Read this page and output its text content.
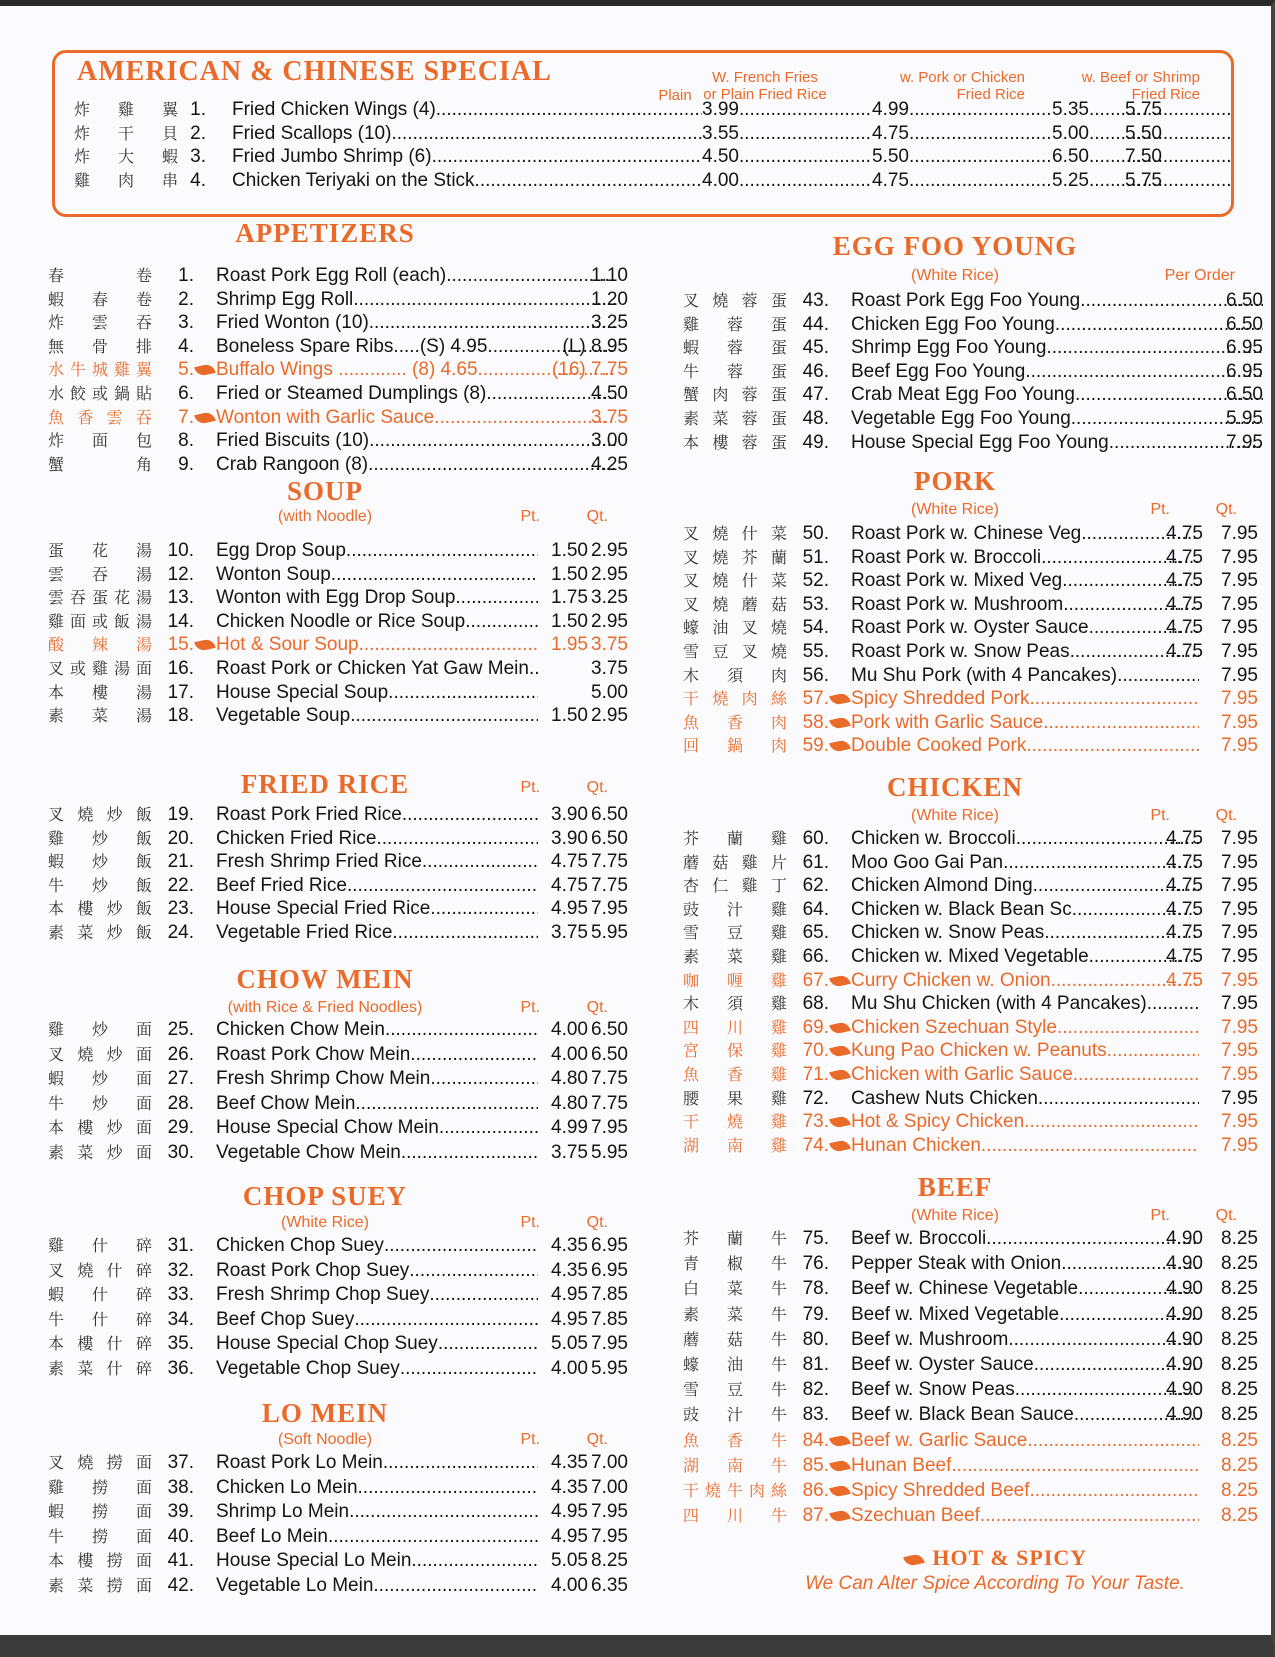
AMERICAN & CHINESE SPECIAL
Plain
W. French Fries
or Plain Fried Rice
w. Pork or Chicken
Fried Rice
w. Beef or Shrimp
Fried Rice
炸雞翼 1. Fried Chicken Wings (4) .....	3.99 .....	4.99 .....	5.35 .....	5.75
炸干貝 2. Fried Scallops (10) .....	3.55 .....	4.75 .....	5.00 .....	5.50
炸大蝦 3. Fried Jumbo Shrimp (6) .....	4.50 .....	5.50 .....	6.50 .....	7.50
雞肉串 4. Chicken Teriyaki on the Stick .....	4.00 .....	4.75 .....	5.25 .....	5.75
春卷	1. Roast Pork Egg Roll (each) .....	1.10
蝦春卷	2. Shrimp Egg Roll .....	1.20
炸雲吞	3. Fried Wonton (10) .....	3.25
無骨排	4. Boneless Spare Ribs.....(S) 4.95 .....	(L) 8.95
水牛城雞翼	5. Buffalo Wings ............. (8) 4.65 .....	(16) 7.75
水餃或鍋貼	6. Fried or Steamed Dumplings (8) .....	4.50
魚香雲吞	7. Wonton with Garlic Sauce .....	3.75
炸面包	8. Fried Biscuits (10) .....	3.00
蟹角	9. Crab Rangoon (8) .....	4.25
蛋花湯 10. Egg Drop Soup .....	1.50 2.95
雲吞湯 12. Wonton Soup .....	1.50 2.95
雲吞蛋花湯 13. Wonton with Egg Drop Soup .....	1.75 3.25
雞面或飯湯 14. Chicken Noodle or Rice Soup .....	1.50 2.95
酸辣湯 15. Hot & Sour Soup .....	1.95 3.75
叉或雞湯面 16. Roast Pork or Chicken Yat Gaw Mein .....	3.75
本樓湯 17. House Special Soup .....	5.00
素菜湯 18. Vegetable Soup .....	1.50 2.95
叉燒炒飯 19. Roast Pork Fried Rice .....	3.90 6.50
雞炒飯 20. Chicken Fried Rice .....	3.90 6.50
蝦炒飯 21. Fresh Shrimp Fried Rice .....	4.75 7.75
牛炒飯 22. Beef Fried Rice .....	4.75 7.75
本樓炒飯 23. House Special Fried Rice .....	4.95 7.95
素菜炒飯 24. Vegetable Fried Rice .....	3.75 5.95
雞炒面 25. Chicken Chow Mein .....	4.00 6.50
叉燒炒面 26. Roast Pork Chow Mein .....	4.00 6.50
蝦炒面 27. Fresh Shrimp Chow Mein .....	4.80 7.75
牛炒面 28. Beef Chow Mein .....	4.80 7.75
本樓炒面 29. House Special Chow Mein .....	4.99 7.95
素菜炒面 30. Vegetable Chow Mein .....	3.75 5.95
雞什碎 31. Chicken Chop Suey .....	4.35 6.95
叉燒什碎 32. Roast Pork Chop Suey .....	4.35 6.95
蝦什碎 33. Fresh Shrimp Chop Suey .....	4.95 7.85
牛什碎 34. Beef Chop Suey .....	4.95 7.85
本樓什碎 35. House Special Chop Suey .....	5.05 7.95
素菜什碎 36. Vegetable Chop Suey .....	4.00 5.95
叉燒撈面 37. Roast Pork Lo Mein .....	4.35 7.00
雞撈面 38. Chicken Lo Mein .....	4.35 7.00
蝦撈面 39. Shrimp Lo Mein .....	4.95 7.95
牛撈面 40. Beef Lo Mein .....	4.95 7.95
本樓撈面 41. House Special Lo Mein .....	5.05 8.25
素菜撈面 42. Vegetable Lo Mein .....	4.00 6.35
叉燒蓉蛋 43. Roast Pork Egg Foo Young .....	6.50
雞蓉蛋 44. Chicken Egg Foo Young .....	6.50
蝦蓉蛋 45. Shrimp Egg Foo Young .....	6.95
牛蓉蛋 46. Beef Egg Foo Young .....	6.95
蟹肉蓉蛋 47. Crab Meat Egg Foo Young .....	6.50
素菜蓉蛋 48. Vegetable Egg Foo Young .....	5.95
本樓蓉蛋 49. House Special Egg Foo Young .....	7.95
叉燒什菜 50. Roast Pork w. Chinese Veg .....	4.75 7.95
叉燒芥蘭 51. Roast Pork w. Broccoli .....	4.75 7.95
叉燒什菜 52. Roast Pork w. Mixed Veg .....	4.75 7.95
叉燒蘑菇 53. Roast Pork w. Mushroom .....	4.75 7.95
蠔油叉燒 54. Roast Pork w. Oyster Sauce .....	4.75 7.95
雪豆叉燒 55. Roast Pork w. Snow Peas .....	4.75 7.95
木須肉 56. Mu Shu Pork (with 4 Pancakes) .....	7.95
干燒肉絲 57. Spicy Shredded Pork .....	7.95
魚香肉 58. Pork with Garlic Sauce .....	7.95
回鍋肉 59. Double Cooked Pork .....	7.95
芥蘭雞 60. Chicken w. Broccoli .....	4.75 7.95
蘑菇雞片 61. Moo Goo Gai Pan .....	4.75 7.95
杏仁雞丁 62. Chicken Almond Ding .....	4.75 7.95
豉汁雞 64. Chicken w. Black Bean Sc .....	4.75 7.95
雪豆雞 65. Chicken w. Snow Peas .....	4.75 7.95
素菜雞 66. Chicken w. Mixed Vegetable .....	4.75 7.95
咖喱雞 67. Curry Chicken w. Onion .....	4.75 7.95
木須雞 68. Mu Shu Chicken (with 4 Pancakes) .....	7.95
四川雞 69. Chicken Szechuan Style .....	7.95
宮保雞 70. Kung Pao Chicken w. Peanuts .....	7.95
魚香雞 71. Chicken with Garlic Sauce .....	7.95
腰果雞 72. Cashew Nuts Chicken .....	7.95
干燒雞 73. Hot & Spicy Chicken .....	7.95
湖南雞 74. Hunan Chicken .....	7.95
芥蘭牛 75. Beef w. Broccoli .....	4.90 8.25
青椒牛 76. Pepper Steak with Onion .....	4.90 8.25
白菜牛 78. Beef w. Chinese Vegetable .....	4.90 8.25
素菜牛 79. Beef w. Mixed Vegetable .....	4.90 8.25
蘑菇牛 80. Beef w. Mushroom .....	4.90 8.25
蠔油牛 81. Beef w. Oyster Sauce .....	4.90 8.25
雪豆牛 82. Beef w. Snow Peas .....	4.90 8.25
豉汁牛 83. Beef w. Black Bean Sauce .....	4.90 8.25
魚香牛 84. Beef w. Garlic Sauce .....	8.25
湖南牛 85. Hunan Beef .....	8.25
干燒牛肉絲 86. Spicy Shredded Beef .....	8.25
四川牛 87. Szechuan Beef .....	8.25
APPETIZERS
SOUP
(with Noodle)	Pt.	Qt.
FRIED RICE	Pt.	Qt.
CHOW MEIN
(with Rice & Fried Noodles)	Pt.	Qt.
CHOP SUEY
(White Rice)	Pt.	Qt.
LO MEIN
(Soft Noodle)	Pt.	Qt.
EGG FOO YOUNG
(White Rice)	Per Order
PORK
(White Rice)	Pt.	Qt.
CHICKEN
(White Rice)	Pt.	Qt.
BEEF
(White Rice)	Pt.	Qt.
HOT & SPICY
We Can Alter Spice According To Your Taste.
